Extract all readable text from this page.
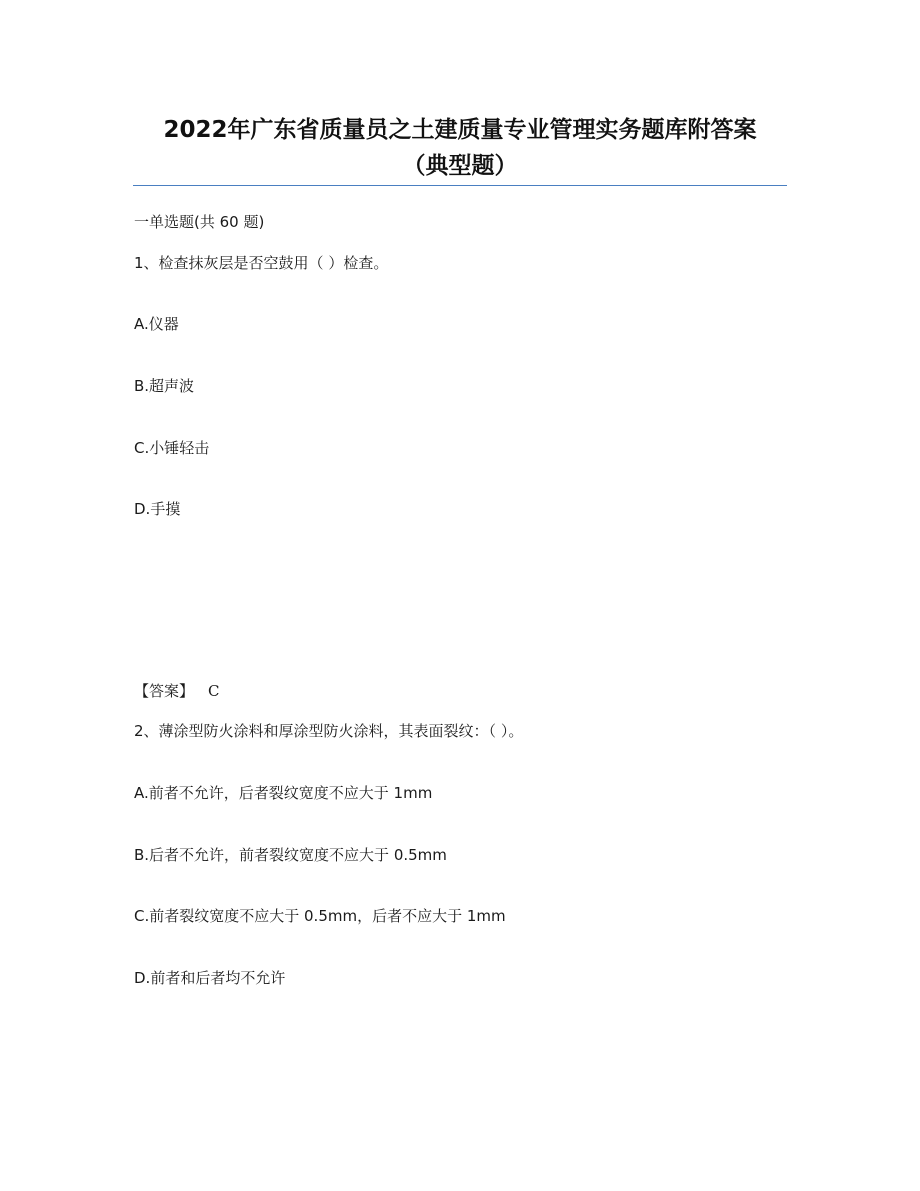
2022年广东省质量员之土建质量专业管理实务题库附答案
（典型题）
一单选题(共 60 题)
1、检查抹灰层是否空鼓用（ ）检查。
A.仪器
B.超声波
C.小锤轻击
D.手摸
【答案】 C
2、薄涂型防火涂料和厚涂型防火涂料，其表面裂纹：（ ）。
A.前者不允许，后者裂纹宽度不应大于 1mm
B.后者不允许，前者裂纹宽度不应大于 0.5mm
C.前者裂纹宽度不应大于 0.5mm，后者不应大于 1mm
D.前者和后者均不允许
